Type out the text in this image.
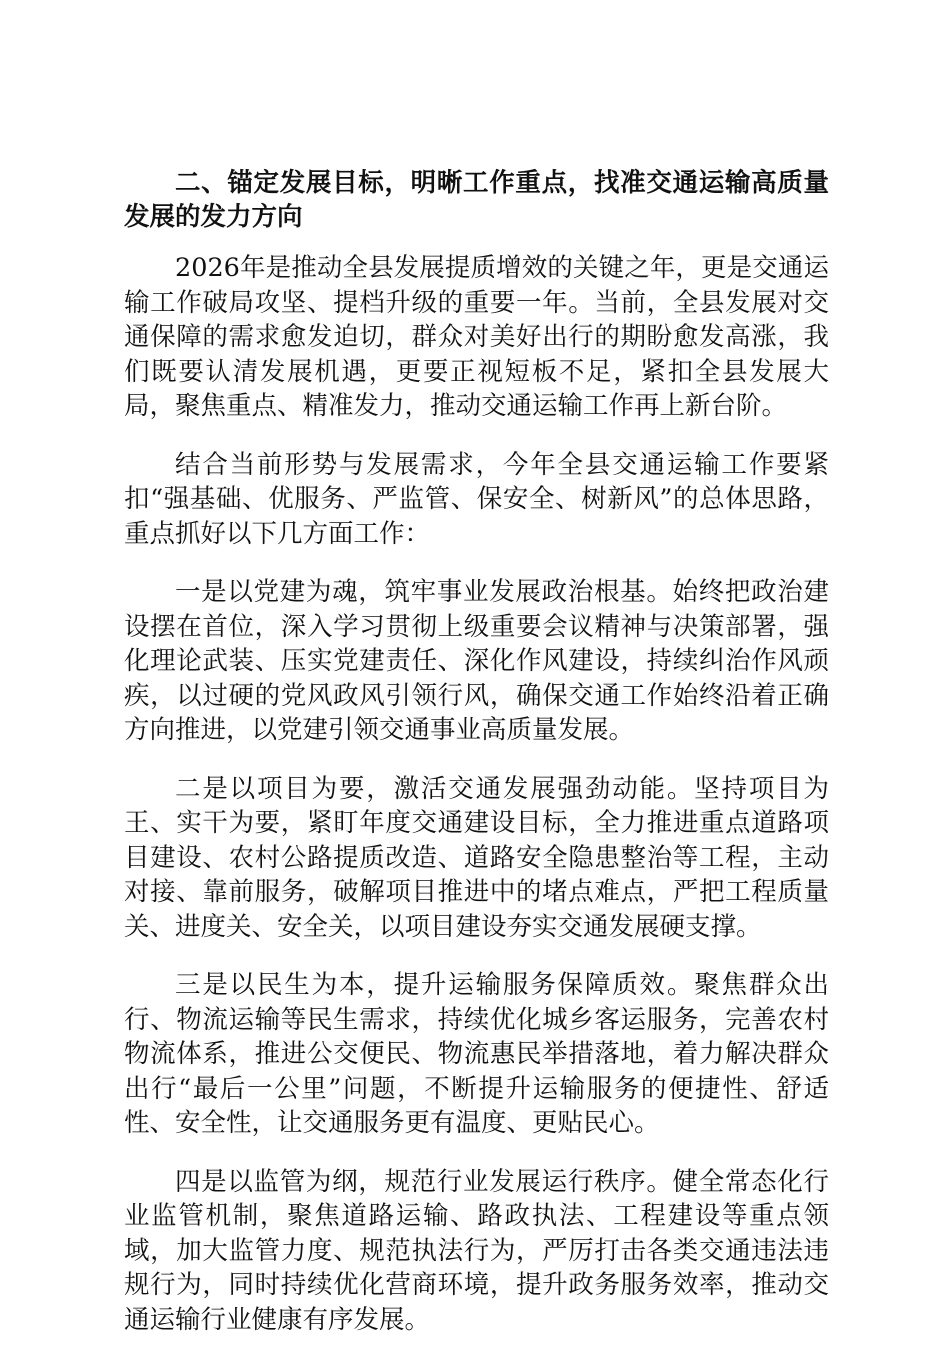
二、锚定发展目标，明晰工作重点，找准交通运输高质量发展的发力方向

2026年是推动全县发展提质增效的关键之年，更是交通运输工作破局攻坚、提档升级的重要一年。当前，全县发展对交通保障的需求愈发迫切，群众对美好出行的期盼愈发高涨，我们既要认清发展机遇，更要正视短板不足，紧扣全县发展大局，聚焦重点、精准发力，推动交通运输工作再上新台阶。

结合当前形势与发展需求，今年全县交通运输工作要紧扣“强基础、优服务、严监管、保安全、树新风”的总体思路，重点抓好以下几方面工作：

一是以党建为魂，筑牢事业发展政治根基。始终把政治建设摆在首位，深入学习贯彻上级重要会议精神与决策部署，强化理论武装、压实党建责任、深化作风建设，持续纠治作风顽疾，以过硬的党风政风引领行风，确保交通工作始终沿着正确方向推进，以党建引领交通事业高质量发展。

二是以项目为要，激活交通发展强劲动能。坚持项目为王、实干为要，紧盯年度交通建设目标，全力推进重点道路项目建设、农村公路提质改造、道路安全隐患整治等工程，主动对接、靠前服务，破解项目推进中的堵点难点，严把工程质量关、进度关、安全关，以项目建设夯实交通发展硬支撑。

三是以民生为本，提升运输服务保障质效。聚焦群众出行、物流运输等民生需求，持续优化城乡客运服务，完善农村物流体系，推进公交便民、物流惠民举措落地，着力解决群众出行“最后一公里”问题，不断提升运输服务的便捷性、舒适性、安全性，让交通服务更有温度、更贴民心。

四是以监管为纲，规范行业发展运行秩序。健全常态化行业监管机制，聚焦道路运输、路政执法、工程建设等重点领域，加大监管力度、规范执法行为，严厉打击各类交通违法违规行为，同时持续优化营商环境，提升政务服务效率，推动交通运输行业健康有序发展。
